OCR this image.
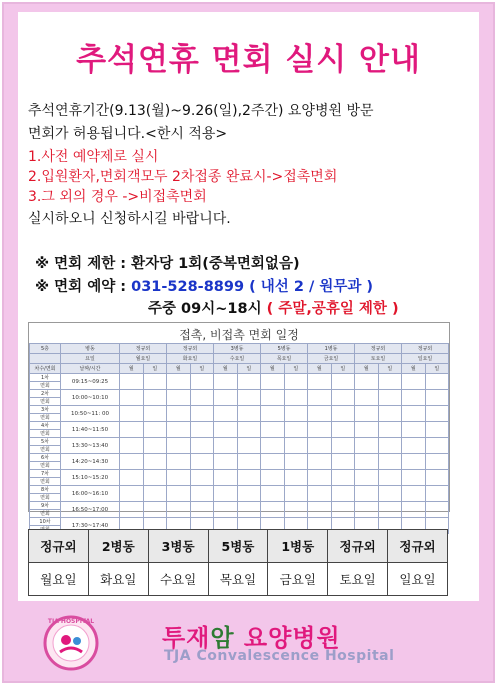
추석연휴 면회 실시 안내
추석연휴기간(9.13(월)~9.26(일),2주간) 요양병원 방문
면회가 허용됩니다.<한시 적용>
1.사전 예약제로 실시
2.입원환자,면회객모두 2차접종 완료시->접촉면회
3.그 외의 경우 ->비접촉면회
실시하오니 신청하시길 바랍니다.
※ 면회 제한 : 환자당 1회(중복면회없음)
※ 면회 예약 : 031-528-8899 ( 내선 2 / 원무과 )
주중 09시~18시 ( 주말,공휴일 제한 )
접촉, 비접촉 면회 일정
5층	병동	정규외		정규외		3병동		5병동		1병동		정규외		정규외	
	요일	월요일		화요일		수요일		목요일		금요일		토요일		일요일	
차수/면회	날짜/시간	월	일	월	일	월	일	월	일	월	일	월	일	월	일
1차	09:15~09:25														
면회															
2차	10:00~10:10														
면회															
3차	10:50~11: 00														
면회															
4차	11:40~11:50														
면회															
5차	13:30~13:40														
면회															
6차	14:20~14:30														
면회															
7차	15:10~15:20														
면회															
8차	16:00~16:10														
면회															
9차	16:50~17:00														
면회															
10차	17:30~17:40														

정규외	2병동	3병동	5병동	1병동	정규외	정규외
월요일	화요일	수요일	목요일	금요일	토요일	일요일
TJA HOSPITAL
투재암 요양병원
TJA Convalescence Hospital
